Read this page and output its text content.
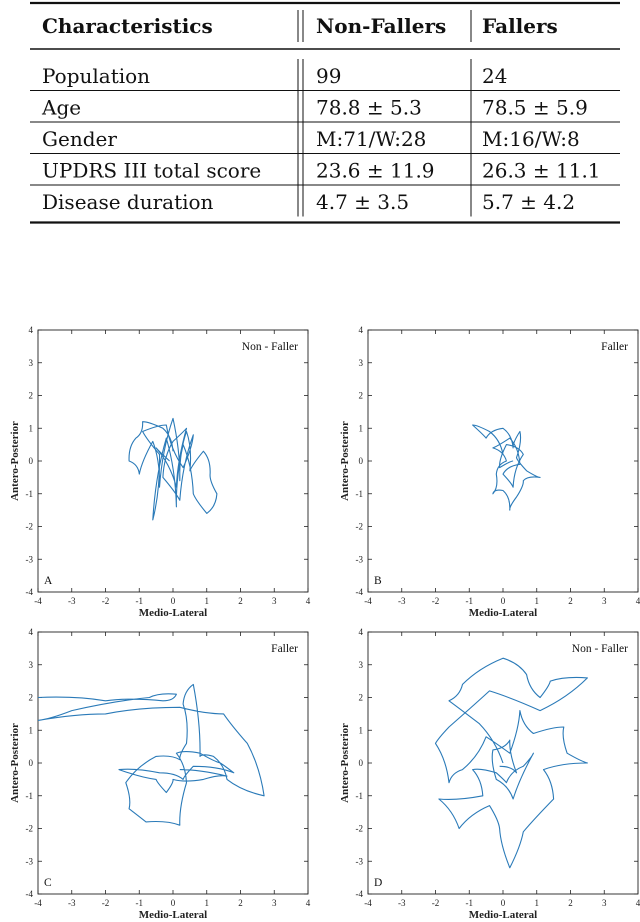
Characteristics	Non-Fallers Fallers
Population	99	24
Age	78.8 ± 5.3	78.5 ± 5.9
Gender	M:71/W:28	M:16/W:8
UPDRS III total score	23.6 ± 11.9 26.3 ± 11.1
Disease duration	4.7 ± 3.5	5.7 ± 4.2
-4	-3	-2	-1	0	1	2	3	4
-4
-3
-2
-1
0
1
2
3
4
Medio-Lateral
Antero-Posterior
Non - Faller
A
-4	-3	-2	-1	0	1	2	3	4
-4
-3
-2
-1
0
1
2
3
4
Medio-Lateral
Antero-Posterior
Faller
B
-4	-3	-2	-1	0	1	2	3	4
-4
-3
-2
-1
0
1
2
3
4
Medio-Lateral
Antero-Posterior
Faller
C
-4	-3	-2	-1	0	1	2	3	4
-4
-3
-2
-1
0
1
2
3
4
Medio-Lateral
Antero-Posterior
Non - Faller
D
